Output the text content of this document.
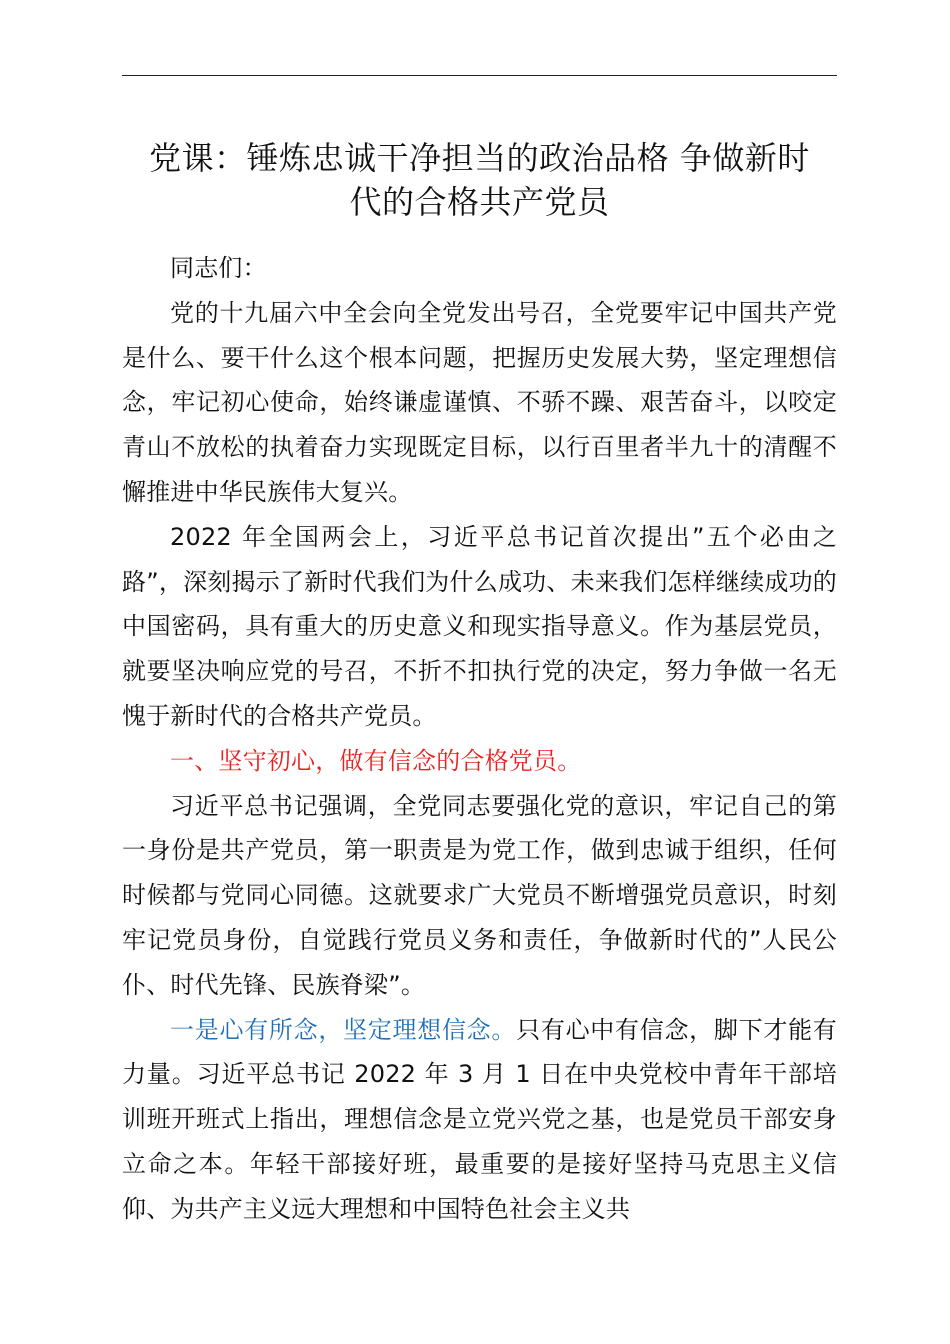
党课：锤炼忠诚干净担当的政治品格 争做新时
代的合格共产党员

同志们：

党的十九届六中全会向全党发出号召，全党要牢记中国共产党是什么、要干什么这个根本问题，把握历史发展大势，坚定理想信念，牢记初心使命，始终谦虚谨慎、不骄不躁、艰苦奋斗，以咬定青山不放松的执着奋力实现既定目标，以行百里者半九十的清醒不懈推进中华民族伟大复兴。

2022 年全国两会上，习近平总书记首次提出”五个必由之路”，深刻揭示了新时代我们为什么成功、未来我们怎样继续成功的中国密码，具有重大的历史意义和现实指导意义。作为基层党员，就要坚决响应党的号召，不折不扣执行党的决定，努力争做一名无愧于新时代的合格共产党员。

一、坚守初心，做有信念的合格党员。

习近平总书记强调，全党同志要强化党的意识，牢记自己的第一身份是共产党员，第一职责是为党工作，做到忠诚于组织，任何时候都与党同心同德。这就要求广大党员不断增强党员意识，时刻牢记党员身份，自觉践行党员义务和责任，争做新时代的”人民公仆、时代先锋、民族脊梁”。

一是心有所念，坚定理想信念。只有心中有信念，脚下才能有力量。习近平总书记 2022 年 3 月 1 日在中央党校中青年干部培训班开班式上指出，理想信念是立党兴党之基，也是党员干部安身立命之本。年轻干部接好班，最重要的是接好坚持马克思主义信仰、为共产主义远大理想和中国特色社会主义共
